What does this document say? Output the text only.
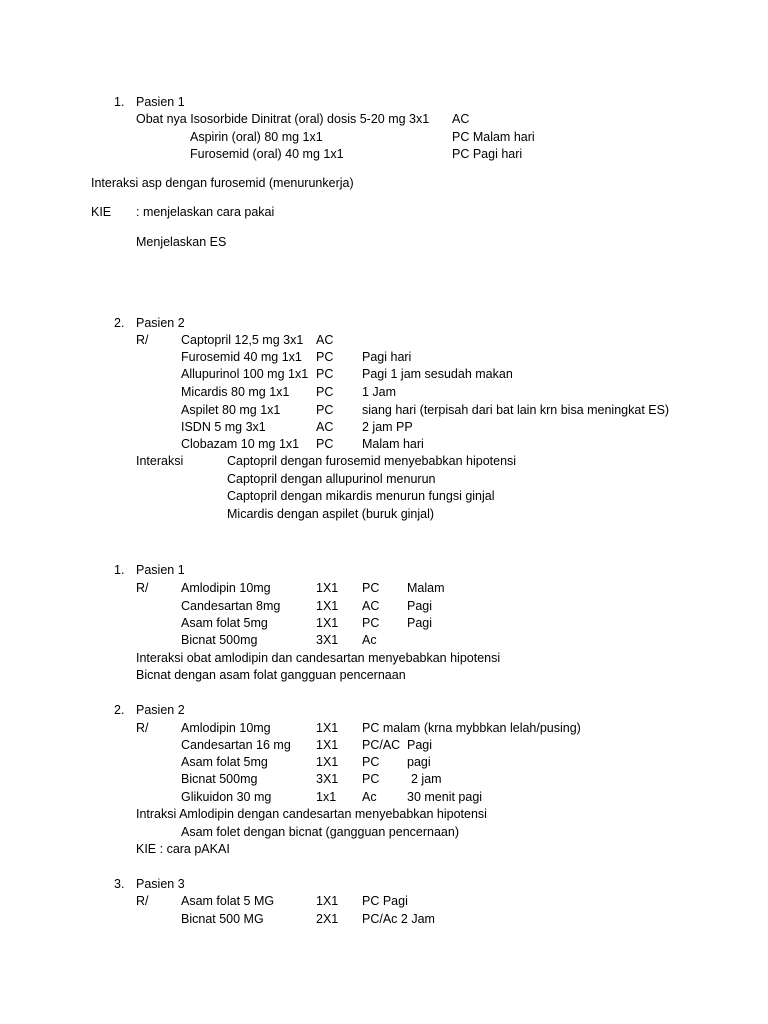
1. Pasien 1
Obat nya Isosorbide Dinitrat (oral) dosis 5-20 mg 3x1 AC
Aspirin (oral) 80 mg 1x1	PC Malam hari
Furosemid (oral) 40 mg 1x1	PC Pagi hari
Interaksi asp dengan furosemid (menurunkerja)
KIE : menjelaskan cara pakai
Menjelaskan ES
2. Pasien 2
R/	Captopril 12,5 mg 3x1 AC
Furosemid 40 mg 1x1 PC Pagi hari
Allupurinol 100 mg 1x1 PC Pagi 1 jam sesudah makan
Micardis 80 mg 1x1 PC 1 Jam
Aspilet 80 mg 1x1	PC siang hari (terpisah dari bat lain krn bisa meningkat ES)
ISDN 5 mg 3x1	AC 2 jam PP
Clobazam 10 mg 1x1 PC Malam hari
Interaksi	Captopril dengan furosemid menyebabkan hipotensi
Captopril dengan allupurinol menurun
Captopril dengan mikardis menurun fungsi ginjal
Micardis dengan aspilet (buruk ginjal)
1. Pasien 1
R/	Amlodipin 10mg	1X1 PC Malam
Candesartan 8mg	1X1 AC Pagi
Asam folat 5mg	1X1 PC Pagi
Bicnat 500mg	3X1 Ac
Interaksi obat amlodipin dan candesartan menyebabkan hipotensi
Bicnat dengan asam folat gangguan pencernaan
2. Pasien 2
R/	Amlodipin 10mg	1X1 PC malam (krna mybbkan lelah/pusing)
Candesartan 16 mg 1X1 PC/AC Pagi
Asam folat 5mg	1X1 PC pagi
Bicnat 500mg	3X1 PC	2 jam
Glikuidon 30 mg	1x1 Ac 30 menit pagi
Intraksi Amlodipin dengan candesartan menyebabkan hipotensi
Asam folet dengan bicnat (gangguan pencernaan)
KIE : cara pAKAI
3. Pasien 3
R/	Asam folat 5 MG	1X1 PC Pagi
Bicnat 500 MG	2X1 PC/Ac 2 Jam
